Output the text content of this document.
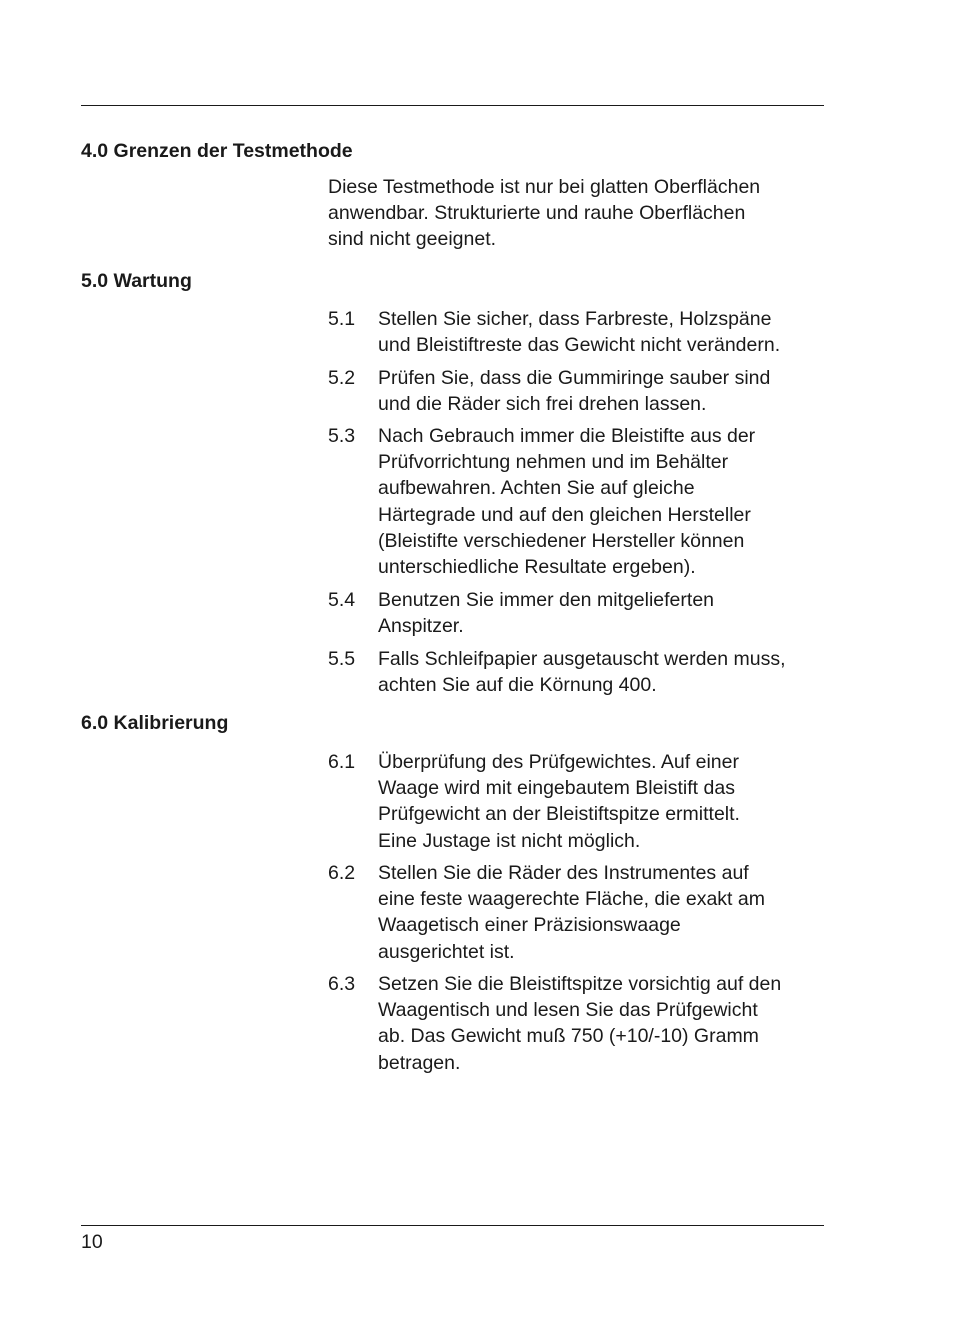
4.0 Grenzen der Testmethode
Diese Testmethode ist nur bei glatten Oberflächen
anwendbar. Strukturierte und rauhe Oberflächen
sind nicht geeignet.
5.0 Wartung
5.1	Stellen Sie sicher, dass Farbreste, Holzspäne
und Bleistiftreste das Gewicht nicht verändern.
5.2	Prüfen Sie, dass die Gummiringe sauber sind
und die Räder sich frei drehen lassen.
5.3	Nach Gebrauch immer die Bleistifte aus der
Prüfvorrichtung nehmen und im Behälter
aufbewahren. Achten Sie auf gleiche
Härtegrade und auf den gleichen Hersteller
(Bleistifte verschiedener Hersteller können
unterschiedliche Resultate ergeben).
5.4	Benutzen Sie immer den mitgelieferten
Anspitzer.
5.5	Falls Schleifpapier ausgetauscht werden muss,
achten Sie auf die Körnung 400.
6.0 Kalibrierung
6.1	Überprüfung des Prüfgewichtes. Auf einer
Waage wird mit eingebautem Bleistift das
Prüfgewicht an der Bleistiftspitze ermittelt.
Eine Justage ist nicht möglich.
6.2	Stellen Sie die Räder des Instrumentes auf
eine feste waagerechte Fläche, die exakt am
Waagetisch einer Präzisionswaage
ausgerichtet ist.
6.3	Setzen Sie die Bleistiftspitze vorsichtig auf den
Waagentisch und lesen Sie das Prüfgewicht
ab. Das Gewicht muß 750 (+10/-10) Gramm
betragen.
10
